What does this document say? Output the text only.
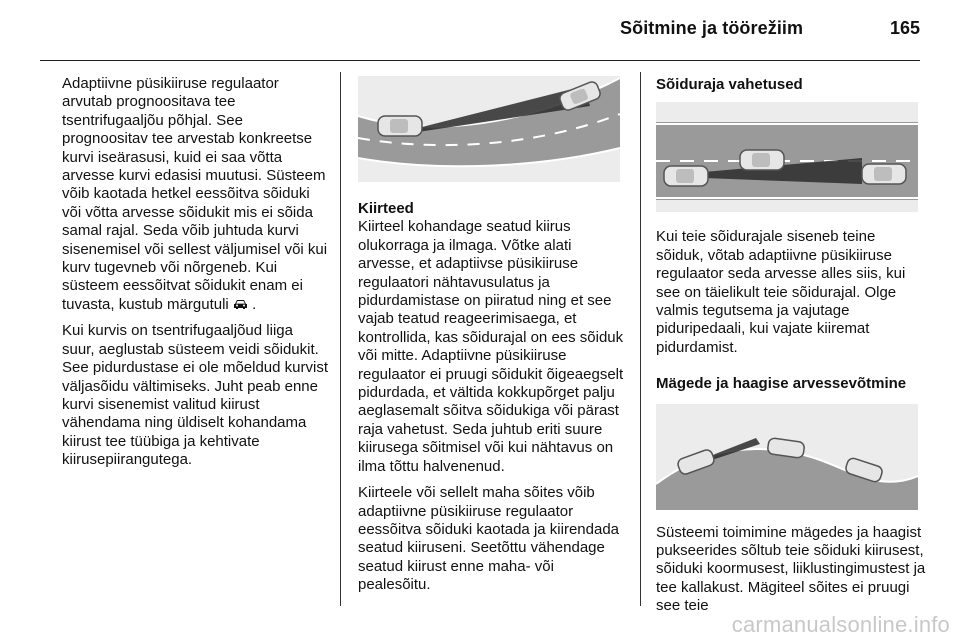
Sõitmine ja töörežiim	165

Adaptiivne püsikiiruse regulaator arvutab prognoositava tee tsentrifugaaljõu põhjal. See prognoositav tee arvestab konkreetse kurvi iseärasusi, kuid ei saa võtta arvesse kurvi edasisi muutusi. Süsteem võib kaotada hetkel eessõitva sõiduki või võtta arvesse sõidukit mis ei sõida samal rajal. Seda võib juhtuda kurvi sisenemisel või sellest väljumisel või kui kurv tugevneb või nõrgeneb. Kui süsteem eessõitvat sõidukit enam ei tuvasta, kustub märgutuli .

Kui kurvis on tsentrifugaaljõud liiga suur, aeglustab süsteem veidi sõidukit. See pidurdustase ei ole mõeldud kurvist väljasõidu vältimiseks. Juht peab enne kurvi sisenemist valitud kiirust vähendama ning üldiselt kohandama kiirust tee tüübiga ja kehtivate kiirusepiirangutega.

Kiirteed

Kiirteel kohandage seatud kiirus olukorraga ja ilmaga. Võtke alati arvesse, et adaptiivse püsikiiruse regulaatori nähtavusulatus ja pidurdamistase on piiratud ning et see vajab teatud reageerimisaega, et kontrollida, kas sõidurajal on ees sõiduk või mitte. Adaptiivne püsikiiruse regulaator ei pruugi sõidukit õigeaegselt pidurdada, et vältida kokkupõrget palju aeglasemalt sõitva sõidukiga või pärast raja vahetust. Seda juhtub eriti suure kiirusega sõitmisel või kui nähtavus on ilma tõttu halvenenud.

Kiirteele või sellelt maha sõites võib adaptiivne püsikiiruse regulaator eessõitva sõiduki kaotada ja kiirendada seatud kiiruseni. Seetõttu vähendage seatud kiirust enne maha- või pealesõitu.

Sõiduraja vahetused

Kui teie sõidurajale siseneb teine sõiduk, võtab adaptiivne püsikiiruse regulaator seda arvesse alles siis, kui see on täielikult teie sõidurajal. Olge valmis tegutsema ja vajutage piduripedaali, kui vajate kiiremat pidurdamist.

Mägede ja haagise arvessevõtmine

Süsteemi toimimine mägedes ja haagist pukseerides sõltub teie sõiduki kiirusest, sõiduki koormusest, liiklustingimustest ja tee kallakust. Mägiteel sõites ei pruugi see teie

carmanualsonline.info
